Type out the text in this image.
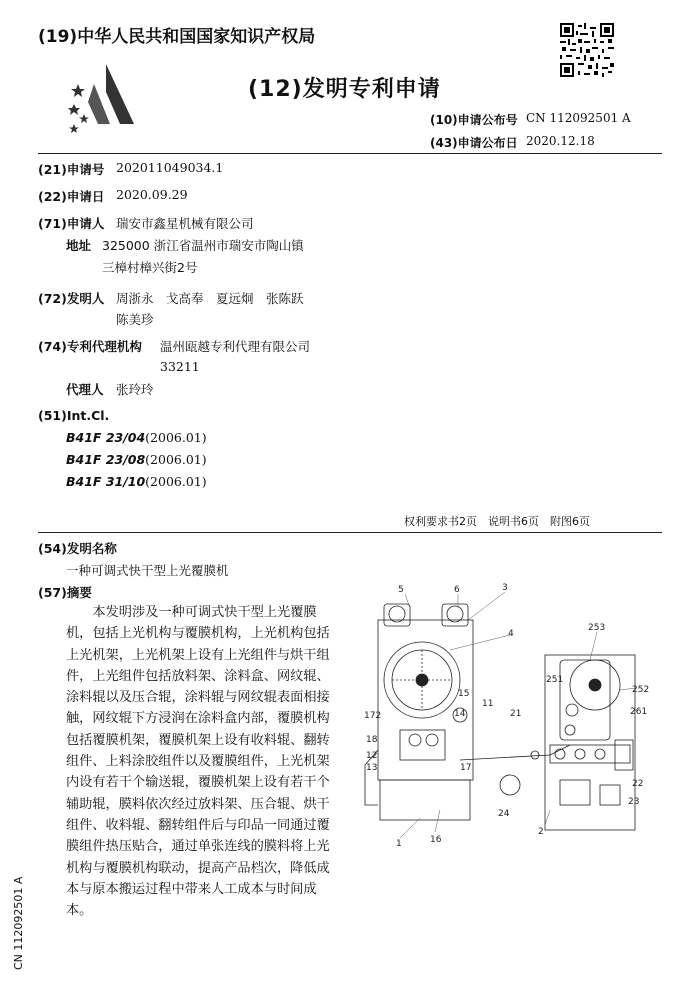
(19)中华人民共和国国家知识产权局
(12)发明专利申请
(10)申请公布号 CN 112092501 A
(43)申请公布日 2020.12.18
(21)申请号 202011049034.1
(22)申请日 2020.09.29
(71)申请人 瑞安市鑫星机械有限公司
地址 325000 浙江省温州市瑞安市陶山镇
三樟村樟兴街2号
(72)发明人 周浙永　戈高奉　夏远炯　张陈跃
陈美珍
(74)专利代理机构 温州瓯越专利代理有限公司
33211
代理人 张玲玲
(51)Int.Cl.
B41F 23/04(2006.01)
B41F 23/08(2006.01)
B41F 31/10(2006.01)
权利要求书2页　说明书6页　附图6页
(54)发明名称
一种可调式快干型上光覆膜机
(57)摘要

本发明涉及一种可调式快干型上光覆膜机，包括上光机构与覆膜机构，上光机构包括上光机架，上光机架上设有上光组件与烘干组件，上光组件包括放料架、涂料盒、网纹辊、涂料辊以及压合辊，涂料辊与网纹辊表面相接触，网纹辊下方浸润在涂料盒内部，覆膜机构包括覆膜机架，覆膜机架上设有收料辊、翻转组件、上料涂胶组件以及覆膜组件，上光机架内设有若干个输送辊，覆膜机架上设有若干个辅助辊，膜料依次经过放料架、压合辊、烘干组件、收料辊、翻转组件后与印品一同通过覆膜组件热压贴合，通过单张连线的膜料将上光机构与覆膜机构联动，提高产品档次，降低成本与原本搬运过程中带来人工成本与时间成本。

CN 112092501 A
5	6	3
4
15
11
14
172
18
12
13	17
21
24
1	16
2
253
251
252
261
22
23
